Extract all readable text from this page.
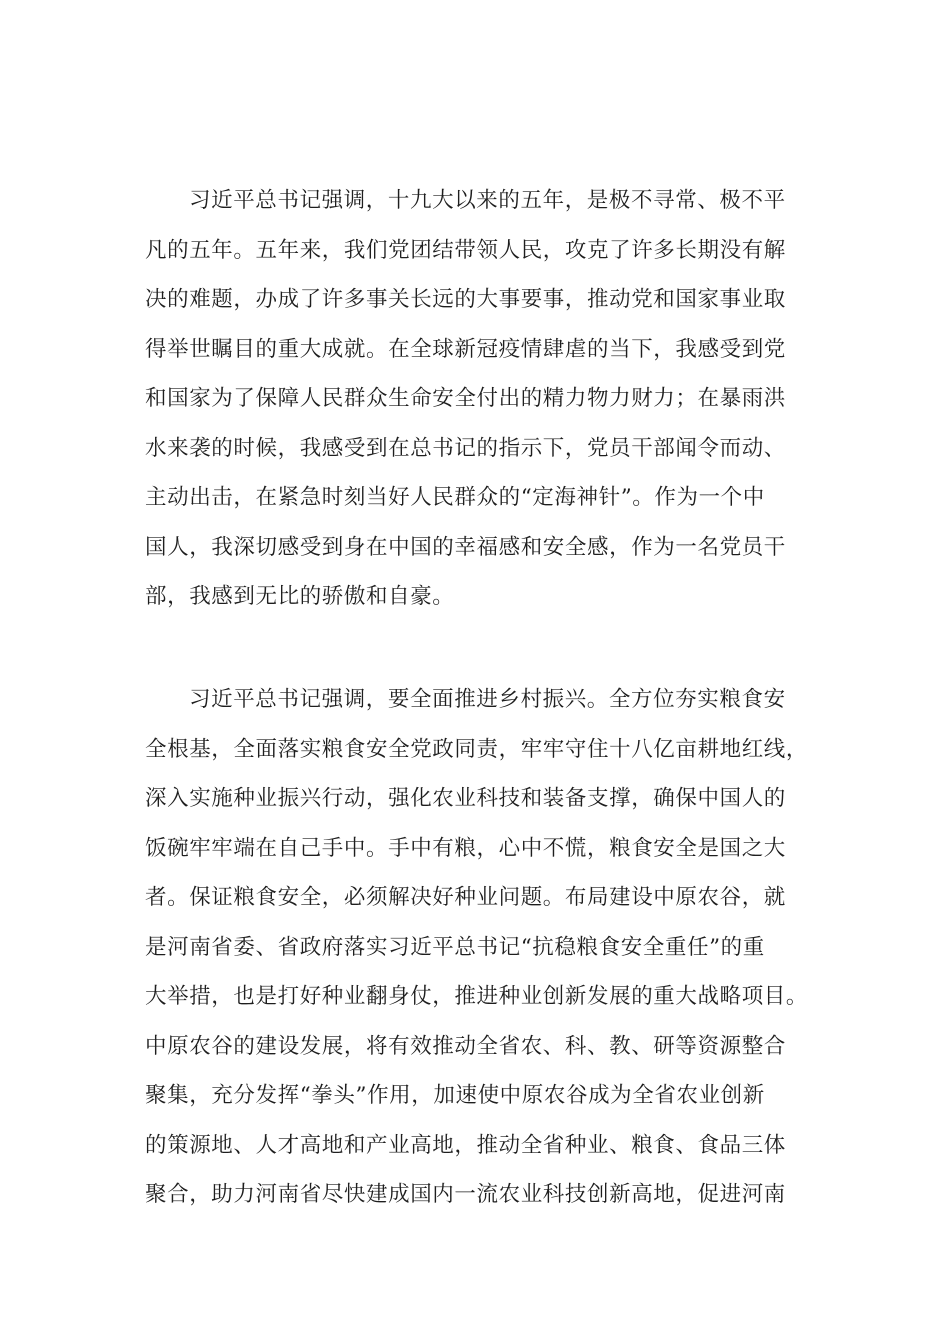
习近平总书记强调，十九大以来的五年，是极不寻常、极不平
凡的五年。五年来，我们党团结带领人民，攻克了许多长期没有解
决的难题，办成了许多事关长远的大事要事，推动党和国家事业取
得举世瞩目的重大成就。在全球新冠疫情肆虐的当下，我感受到党
和国家为了保障人民群众生命安全付出的精力物力财力；在暴雨洪
水来袭的时候，我感受到在总书记的指示下，党员干部闻令而动、
主动出击，在紧急时刻当好人民群众的“定海神针”。作为一个中
国人，我深切感受到身在中国的幸福感和安全感，作为一名党员干
部，我感到无比的骄傲和自豪。
习近平总书记强调，要全面推进乡村振兴。全方位夯实粮食安
全根基，全面落实粮食安全党政同责，牢牢守住十八亿亩耕地红线，
深入实施种业振兴行动，强化农业科技和装备支撑，确保中国人的
饭碗牢牢端在自己手中。手中有粮，心中不慌，粮食安全是国之大
者。保证粮食安全，必须解决好种业问题。布局建设中原农谷，就
是河南省委、省政府落实习近平总书记“抗稳粮食安全重任”的重
大举措，也是打好种业翻身仗，推进种业创新发展的重大战略项目。
中原农谷的建设发展，将有效推动全省农、科、教、研等资源整合
聚集，充分发挥“拳头”作用，加速使中原农谷成为全省农业创新
的策源地、人才高地和产业高地，推动全省种业、粮食、食品三体
聚合，助力河南省尽快建成国内一流农业科技创新高地，促进河南
